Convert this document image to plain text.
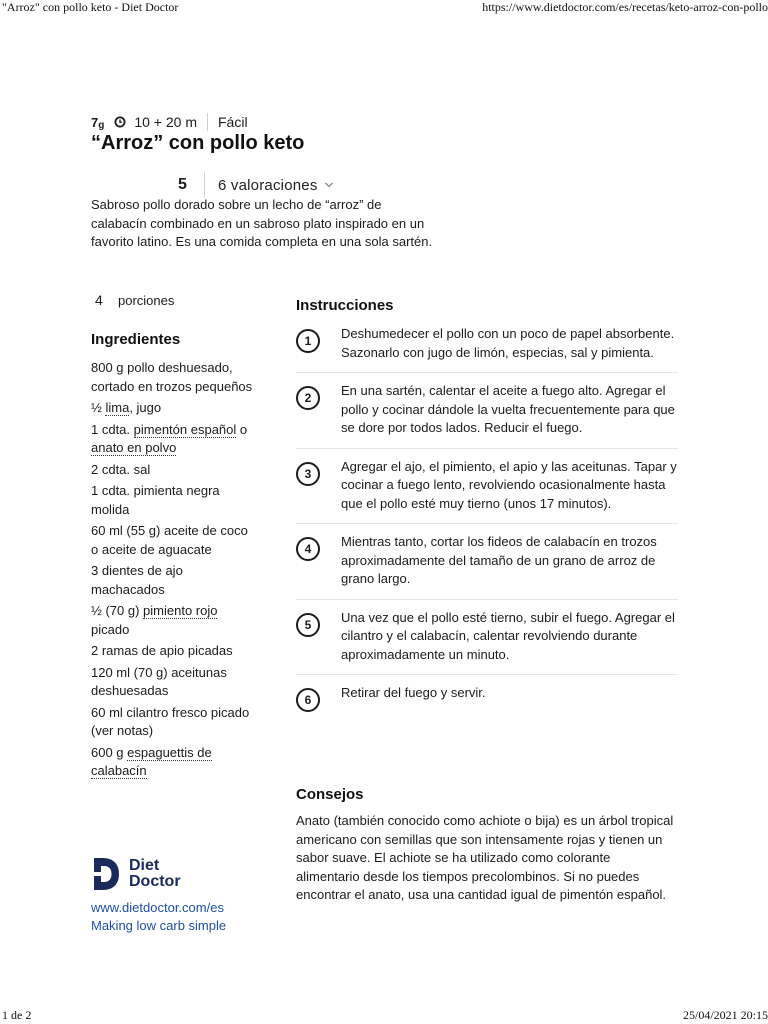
"Arroz" con pollo keto - Diet Doctor	https://www.dietdoctor.com/es/recetas/keto-arroz-con-pollo
$7_g$ 10 + 20 m Fácil
“Arroz” con pollo keto
5	6 valoraciones

Sabroso pollo dorado sobre un lecho de “arroz” de calabacín combinado en un sabroso plato inspirado en un favorito latino. Es una comida completa en una sola sartén.

4	porciones
Ingredientes
800 g pollo deshuesado, cortado en trozos pequeños
½ lima, jugo
1 cdta. pimentón español o anato en polvo
2 cdta. sal
1 cdta. pimienta negra molida
60 ml (55 g) aceite de coco o aceite de aguacate
3 dientes de ajo machacados
½ (70 g) pimiento rojo picado
2 ramas de apio picadas
120 ml (70 g) aceitunas deshuesadas
60 ml cilantro fresco picado (ver notas)
600 g espaguettis de calabacín
Instrucciones
1	Deshumedecer el pollo con un poco de papel absorbente. Sazonarlo con jugo de limón, especias, sal y pimienta.
2	En una sartén, calentar el aceite a fuego alto. Agregar el pollo y cocinar dándole la vuelta frecuentemente para que se dore por todos lados. Reducir el fuego.
3	Agregar el ajo, el pimiento, el apio y las aceitunas. Tapar y cocinar a fuego lento, revolviendo ocasionalmente hasta que el pollo esté muy tierno (unos 17 minutos).
4	Mientras tanto, cortar los fideos de calabacín en trozos aproximadamente del tamaño de un grano de arroz de grano largo.
5	Una vez que el pollo esté tierno, subir el fuego. Agregar el cilantro y el calabacín, calentar revolviendo durante aproximadamente un minuto.
6	Retirar del fuego y servir.
Consejos

Anato (también conocido como achiote o bija) es un árbol tropical americano con semillas que son intensamente rojas y tienen un sabor suave. El achiote se ha utilizado como colorante alimentario desde los tiempos precolombinos. Si no puedes encontrar el anato, usa una cantidad igual de pimentón español.

Diet
Doctor
www.dietdoctor.com/es
Making low carb simple
1 de 2	25/04/2021 20:15
